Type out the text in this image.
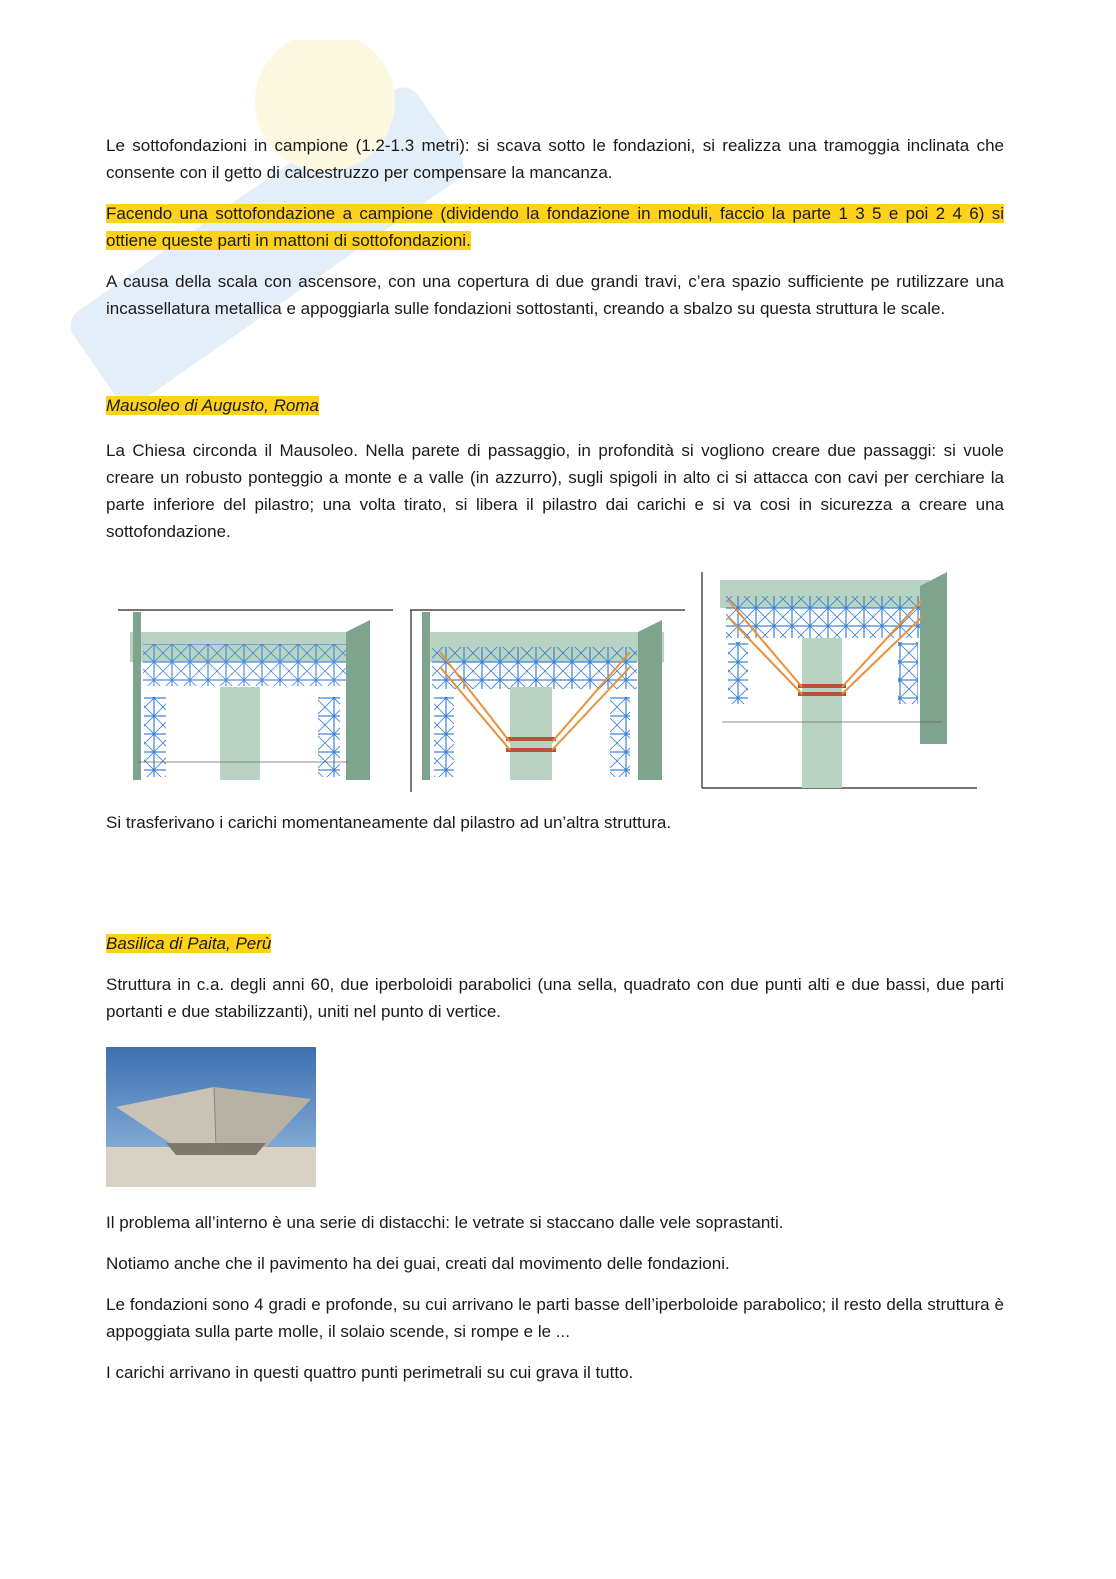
Le sottofondazioni in campione (1.2-1.3 metri): si scava sotto le fondazioni, si realizza una tramoggia inclinata che consente con il getto di calcestruzzo per compensare la mancanza.

Facendo una sottofondazione a campione (dividendo la fondazione in moduli, faccio la parte 1 3 5 e poi 2 4 6) si ottiene queste parti in mattoni di sottofondazioni.

A causa della scala con ascensore, con una copertura di due grandi travi, c’era spazio sufficiente pe rutilizzare una incassellatura metallica e appoggiarla sulle fondazioni sottostanti, creando a sbalzo su questa struttura le scale.

Mausoleo di Augusto, Roma

La Chiesa circonda il Mausoleo. Nella parete di passaggio, in profondità si vogliono creare due passaggi: si vuole creare un robusto ponteggio a monte e a valle (in azzurro), sugli spigoli in alto ci si attacca con cavi per cerchiare la parte inferiore del pilastro; una volta tirato, si libera il pilastro dai carichi e si va cosi in sicurezza a creare una sottofondazione.

Si trasferivano i carichi momentaneamente dal pilastro ad un’altra struttura.

Basilica di Paita, Perù

Struttura in c.a. degli anni 60, due iperboloidi parabolici (una sella, quadrato con due punti alti e due bassi, due parti portanti e due stabilizzanti), uniti nel punto di vertice.

Il problema all’interno è una serie di distacchi: le vetrate si staccano dalle vele soprastanti.

Notiamo anche che il pavimento ha dei guai, creati dal movimento delle fondazioni.

Le fondazioni sono 4 gradi e profonde, su cui arrivano le parti basse dell’iperboloide parabolico; il resto della struttura è appoggiata sulla parte molle, il solaio scende, si rompe e le ...

I carichi arrivano in questi quattro punti perimetrali su cui grava il tutto.
